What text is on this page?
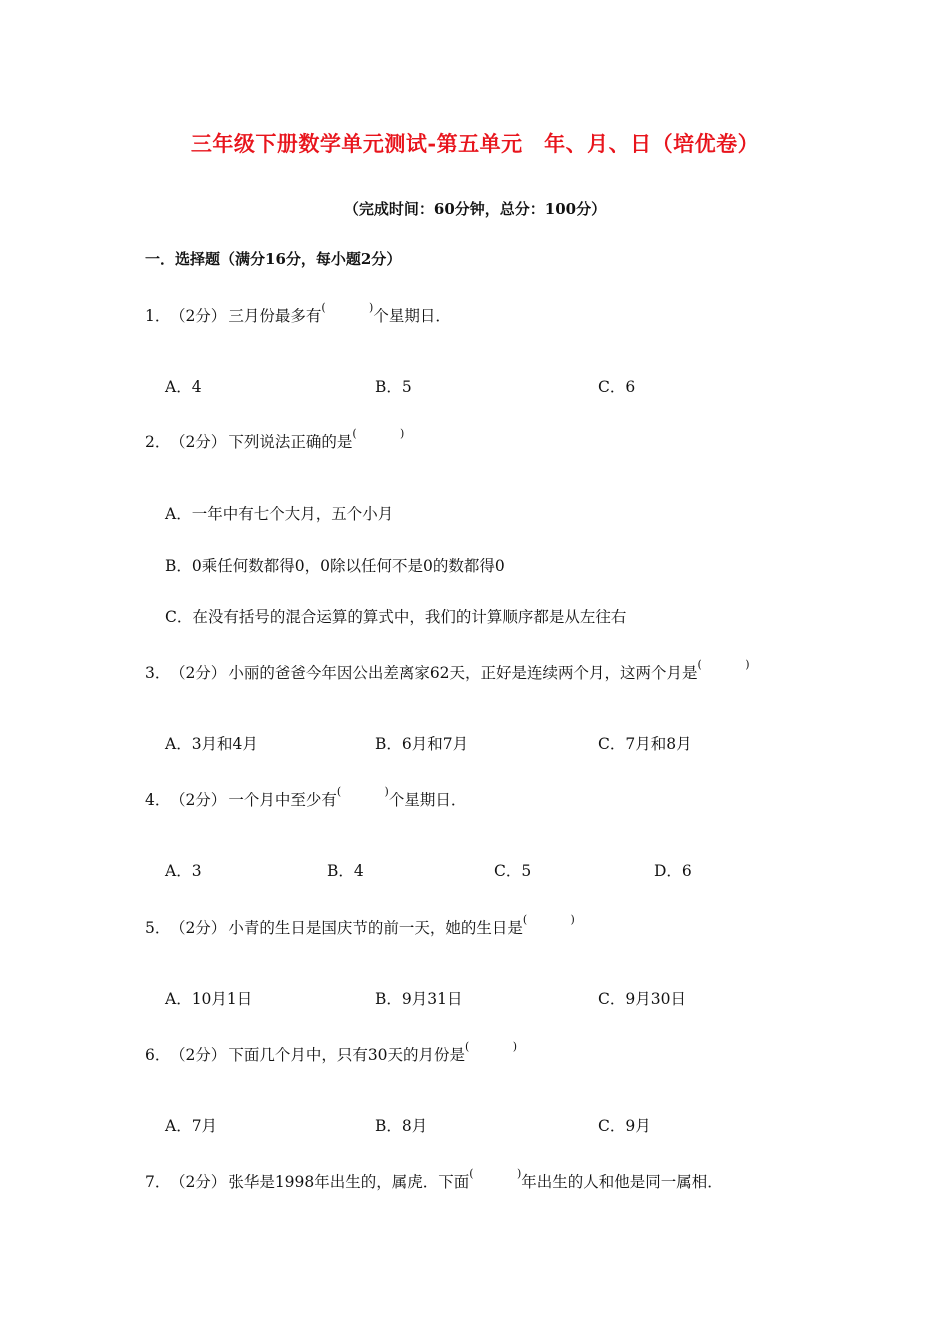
三年级下册数学单元测试-第五单元　年、月、日（培优卷）
（完成时间：60分钟，总分：100分）
一．选择题（满分16分，每小题2分）
1． （2分） 三月份最多有 (	) 个星期日．
A．4	B．5	C．6
2． （2分） 下列说法正确的是 (	)
A．一年中有七个大月，五个小月
B．0乘任何数都得0，0除以任何不是0的数都得0
C．在没有括号的混合运算的算式中，我们的计算顺序都是从左往右
3． （2分） 小丽的爸爸今年因公出差离家62天，正好是连续两个月，这两个月是 (	)
A．3月和4月	B．6月和7月	C．7月和8月
4． （2分） 一个月中至少有 (	) 个星期日．
A．3	B．4	C．5	D．6
5． （2分） 小青的生日是国庆节的前一天，她的生日是 (	)
A．10月1日	B．9月31日	C．9月30日
6． （2分） 下面几个月中，只有30天的月份是 (	)
A．7月	B．8月	C．9月
7． （2分） 张华是1998年出生的，属虎．下面 (	) 年出生的人和他是同一属相．
